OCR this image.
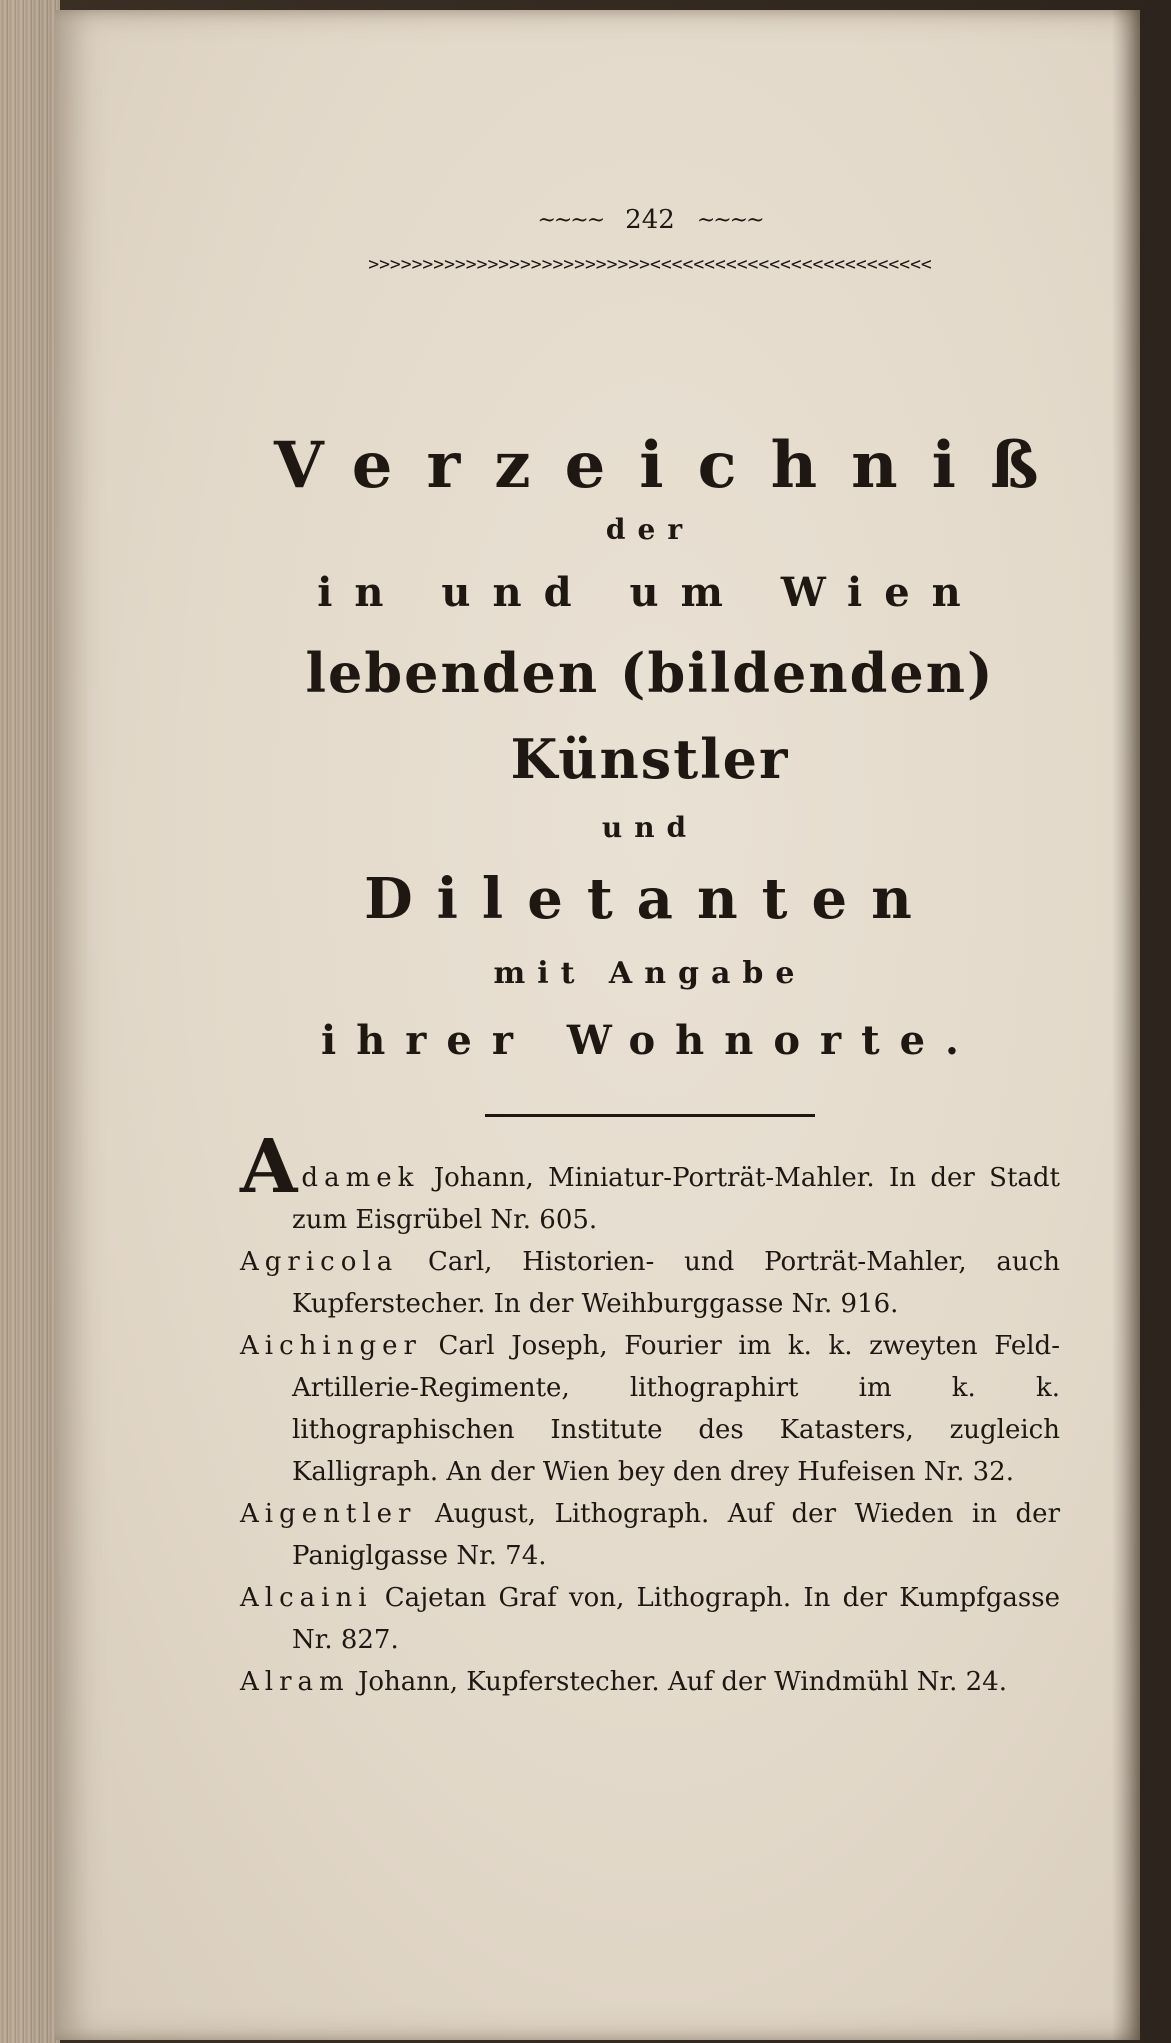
~~~~ 242 ~~~~
>>>>>>>>>>>>>>>>>>>>>>>>>><<<<<<<<<<<<<<<<<<<<<<<<<<
Verzeichniß
der
in und um Wien
lebenden (bildenden) Künstler
und
Diletanten
mit Angabe
ihrer Wohnorte.

Adamek Johann, Miniatur-Porträt-Mahler. In der Stadt zum Eisgrübel Nr. 605.

Agricola Carl, Historien- und Porträt-Mahler, auch Kupferstecher. In der Weihburggasse Nr. 916.

Aichinger Carl Joseph, Fourier im k. k. zweyten Feld-Artillerie-Regimente, lithographirt im k. k. lithographischen Institute des Katasters, zugleich Kalligraph. An der Wien bey den drey Hufeisen Nr. 32.

Aigentler August, Lithograph. Auf der Wieden in der Paniglgasse Nr. 74.

Alcaini Cajetan Graf von, Lithograph. In der Kumpfgasse Nr. 827.

Alram Johann, Kupferstecher. Auf der Windmühl Nr. 24.
